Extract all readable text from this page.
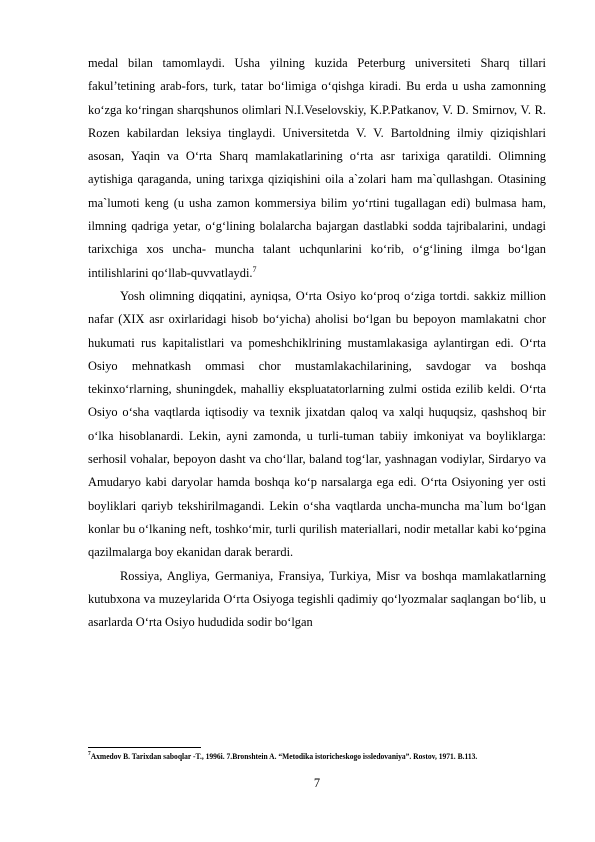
medal bilan tamomlaydi. Usha yilning kuzida Peterburg universiteti Sharq tillari fakul’tetining arab-fors, turk, tatar bo‘limiga o‘qishga kiradi. Bu erda u usha zamonning ko‘zga ko‘ringan sharqshunos olimlari N.I.Veselovskiy, K.P.Patkanov, V. D. Smirnov, V. R. Rozen kabilardan leksiya tinglaydi. Universitetda V. V. Bartoldning ilmiy qiziqishlari asosan, Yaqin va O‘rta Sharq mamlakatlarining o‘rta asr tarixiga qaratildi. Olimning aytishiga qaraganda, uning tarixga qiziqishini oila a`zolari ham ma`qullashgan. Otasining ma`lumoti keng (u usha zamon kommersiya bilim yo‘rtini tugallagan edi) bulmasa ham, ilmning qadriga yetar, o‘g‘lining bolalarcha bajargan dastlabki sodda tajribalarini, undagi tarixchiga xos uncha- muncha talant uchqunlarini ko‘rib, o‘g‘lining ilmga bo‘lgan intilishlarini qo‘llab-quvvatlaydi.$^7$

Yosh olimning diqqatini, ayniqsa, O‘rta Osiyo ko‘proq o‘ziga tortdi. sakkiz million nafar (XIX asr oxirlaridagi hisob bo‘yicha) aholisi bo‘lgan bu bepoyon mamlakatni chor hukumati rus kapitalistlari va pomeshchiklrining mustamlakasiga aylantirgan edi. O‘rta Osiyo mehnatkash ommasi chor mustamlakachilarining, savdogar va boshqa tekinxo‘rlarning, shuningdek, mahalliy ekspluatatorlarning zulmi ostida ezilib keldi. O‘rta Osiyo o‘sha vaqtlarda iqtisodiy va texnik jixatdan qaloq va xalqi huquqsiz, qashshoq bir o‘lka hisoblanardi. Lekin, ayni zamonda, u turli-tuman tabiiy imkoniyat va boyliklarga: serhosil vohalar, bepoyon dasht va cho‘llar, baland tog‘lar, yashnagan vodiylar, Sirdaryo va Amudaryo kabi daryolar hamda boshqa ko‘p narsalarga ega edi. O‘rta Osiyoning yer osti boyliklari qariyb tekshirilmagandi. Lekin o‘sha vaqtlarda uncha-muncha ma`lum bo‘lgan konlar bu o‘lkaning neft, toshko‘mir, turli qurilish materiallari, nodir metallar kabi ko‘pgina qazilmalarga boy ekanidan darak berardi.

Rossiya, Angliya, Germaniya, Fransiya, Turkiya, Misr va boshqa mamlakatlarning kutubxona va muzeylarida O‘rta Osiyoga tegishli qadimiy qo‘lyozmalar saqlangan bo‘lib, u asarlarda O‘rta Osiyo hududida sodir bo‘lgan

$^7$Axmedov B. Tarixdan saboqlar -T., 1996i. 7.Bronshtein A. “Metodika istoricheskogo issledovaniya”. Rostov, 1971. B.113.
7
